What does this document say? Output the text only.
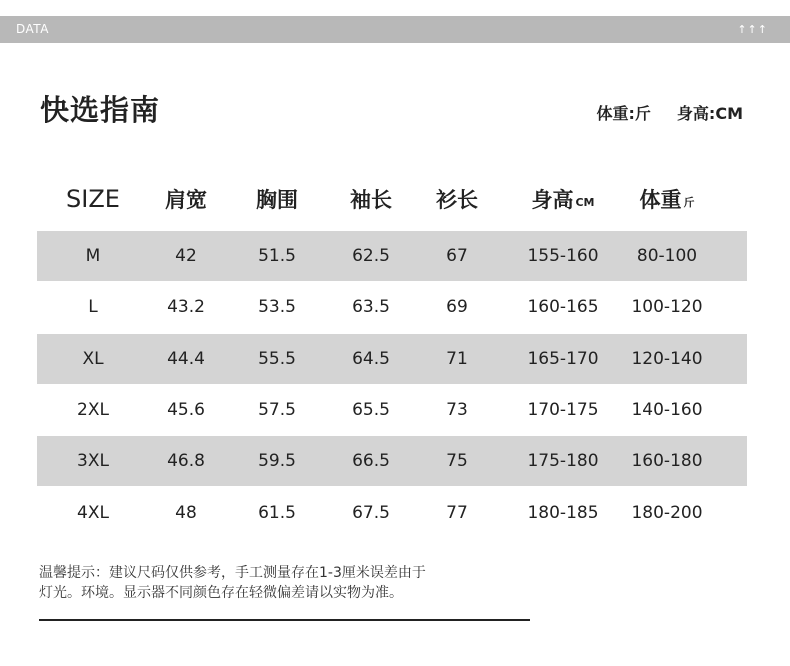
DATA	↑↑↑
快选指南	体重:斤 身高:CM
SIZE 肩宽 胸围 袖长 衫长	身高 CM 体重 斤
M	42	51.5	62.5	67	155-160 80-100
L	43.2	53.5	63.5	69	160-165 100-120
XL	44.4	55.5	64.5	71	165-170 120-140
2XL	45.6	57.5	65.5	73	170-175 140-160
3XL	46.8	59.5	66.5	75	175-180 160-180
4XL	48	61.5	67.5	77	180-185 180-200
温馨提示：建议尺码仅供参考，手工测量存在1-3厘米误差由于
灯光。环境。显示器不同颜色存在轻微偏差请以实物为准。
